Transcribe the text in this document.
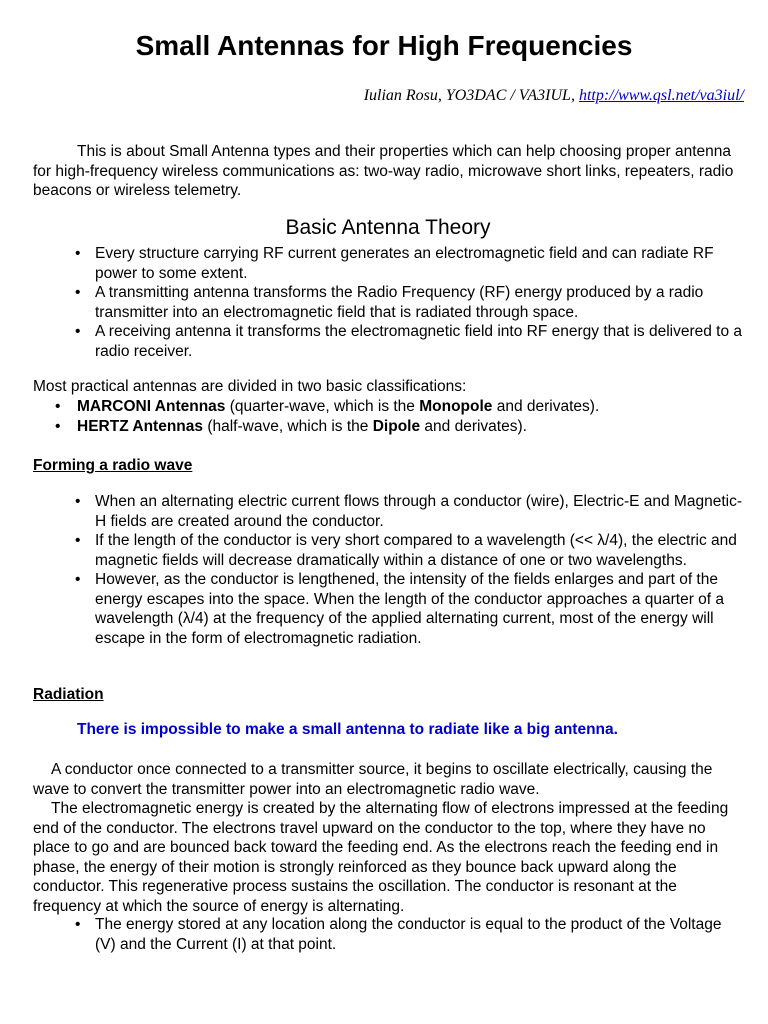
Small Antennas for High Frequencies

Iulian Rosu, YO3DAC / VA3IUL, http://www.qsl.net/va3iul/

This is about Small Antenna types and their properties which can help choosing proper antenna for high-frequency wireless communications as: two-way radio, microwave short links, repeaters, radio beacons or wireless telemetry.

Basic Antenna Theory
• Every structure carrying RF current generates an electromagnetic field and can radiate RF power to some extent.
• A transmitting antenna transforms the Radio Frequency (RF) energy produced by a radio transmitter into an electromagnetic field that is radiated through space.
• A receiving antenna it transforms the electromagnetic field into RF energy that is delivered to a radio receiver.

Most practical antennas are divided in two basic classifications:

• MARCONI Antennas (quarter-wave, which is the Monopole and derivates).
• HERTZ Antennas (half-wave, which is the Dipole and derivates).

Forming a radio wave

• When an alternating electric current flows through a conductor (wire), Electric-E and Magnetic-H fields are created around the conductor.
• If the length of the conductor is very short compared to a wavelength (<< λ/4), the electric and magnetic fields will decrease dramatically within a distance of one or two wavelengths.
• However, as the conductor is lengthened, the intensity of the fields enlarges and part of the energy escapes into the space. When the length of the conductor approaches a quarter of a wavelength (λ/4) at the frequency of the applied alternating current, most of the energy will escape in the form of electromagnetic radiation.

Radiation

There is impossible to make a small antenna to radiate like a big antenna.

A conductor once connected to a transmitter source, it begins to oscillate electrically, causing the wave to convert the transmitter power into an electromagnetic radio wave.
The electromagnetic energy is created by the alternating flow of electrons impressed at the feeding end of the conductor. The electrons travel upward on the conductor to the top, where they have no place to go and are bounced back toward the feeding end. As the electrons reach the feeding end in phase, the energy of their motion is strongly reinforced as they bounce back upward along the conductor. This regenerative process sustains the oscillation. The conductor is resonant at the frequency at which the source of energy is alternating.
• The energy stored at any location along the conductor is equal to the product of the Voltage (V) and the Current (I) at that point.
